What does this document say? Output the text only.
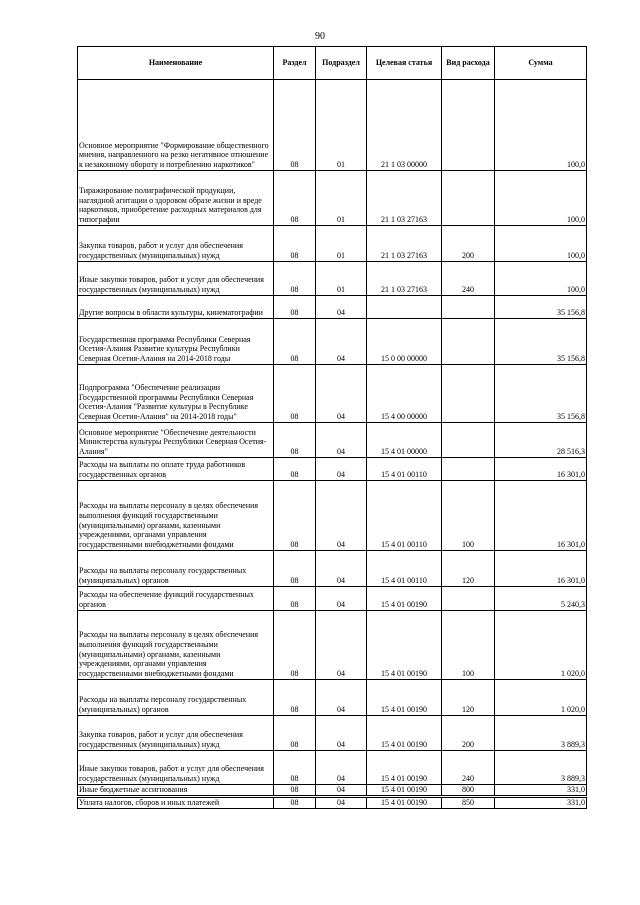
90
Наименование	Раздел	Подраздел	Целевая статья	Вид расхода	Сумма
Основное мероприятие "Формирование общественного мнения, направленного на резко негативное отношение к незаконному обороту и потреблению наркотиков"	08	01	21 1 03 00000		100,0
Тиражирование полиграфической продукции, наглядной агитации о здоровом образе жизни и вреде наркотиков, приобретение расходных материалов для типографии	08	01	21 1 03 27163		100,0
Закупка товаров, работ и услуг для обеспечения государственных (муниципальных) нужд	08	01	21 1 03 27163	200	100,0
Иные закупки товаров, работ и услуг для обеспечения государственных (муниципальных) нужд	08	01	21 1 03 27163	240	100,0
Другие вопросы в области культуры, кинематографии	08	04			35 156,8
Государственная программа Республики Северная Осетия-Алания Развитие культуры Республики Северная Осетия-Алания на 2014-2018 годы	08	04	15 0 00 00000		35 156,8
Подпрограмма "Обеспечение реализации Государственной программы Республики Северная Осетия-Алания "Развитие культуры в Республике Северная Осетия-Алания" на 2014-2018 годы"	08	04	15 4 00 00000		35 156,8
Основное мероприятие "Обеспечение деятельности Министерства культуры Республики Северная Осетия-Алания"	08	04	15 4 01 00000		28 516,3
Расходы на выплаты по оплате труда работников государственных органов	08	04	15 4 01 00110		16 301,0
Расходы на выплаты персоналу в целях обеспечения выполнения функций государственными (муниципальными) органами, казенными учреждениями, органами управления государственными внебюджетными фондами	08	04	15 4 01 00110	100	16 301,0
Расходы на выплаты персоналу государственных (муниципальных) органов	08	04	15 4 01 00110	120	16 301,0
Расходы на обеспечение функций государственных органов	08	04	15 4 01 00190		5 240,3
Расходы на выплаты персоналу в целях обеспечения выполнения функций государственными (муниципальными) органами, казенными учреждениями, органами управления государственными внебюджетными фондами	08	04	15 4 01 00190	100	1 020,0
Расходы на выплаты персоналу государственных (муниципальных) органов	08	04	15 4 01 00190	120	1 020,0
Закупка товаров, работ и услуг для обеспечения государственных (муниципальных) нужд	08	04	15 4 01 00190	200	3 889,3
Иные закупки товаров, работ и услуг для обеспечения государственных (муниципальных) нужд	08	04	15 4 01 00190	240	3 889,3
Иные бюджетные ассигнования	08	04	15 4 01 00190	800	331,0
Уплата налогов, сборов и иных платежей	08	04	15 4 01 00190	850	331,0
